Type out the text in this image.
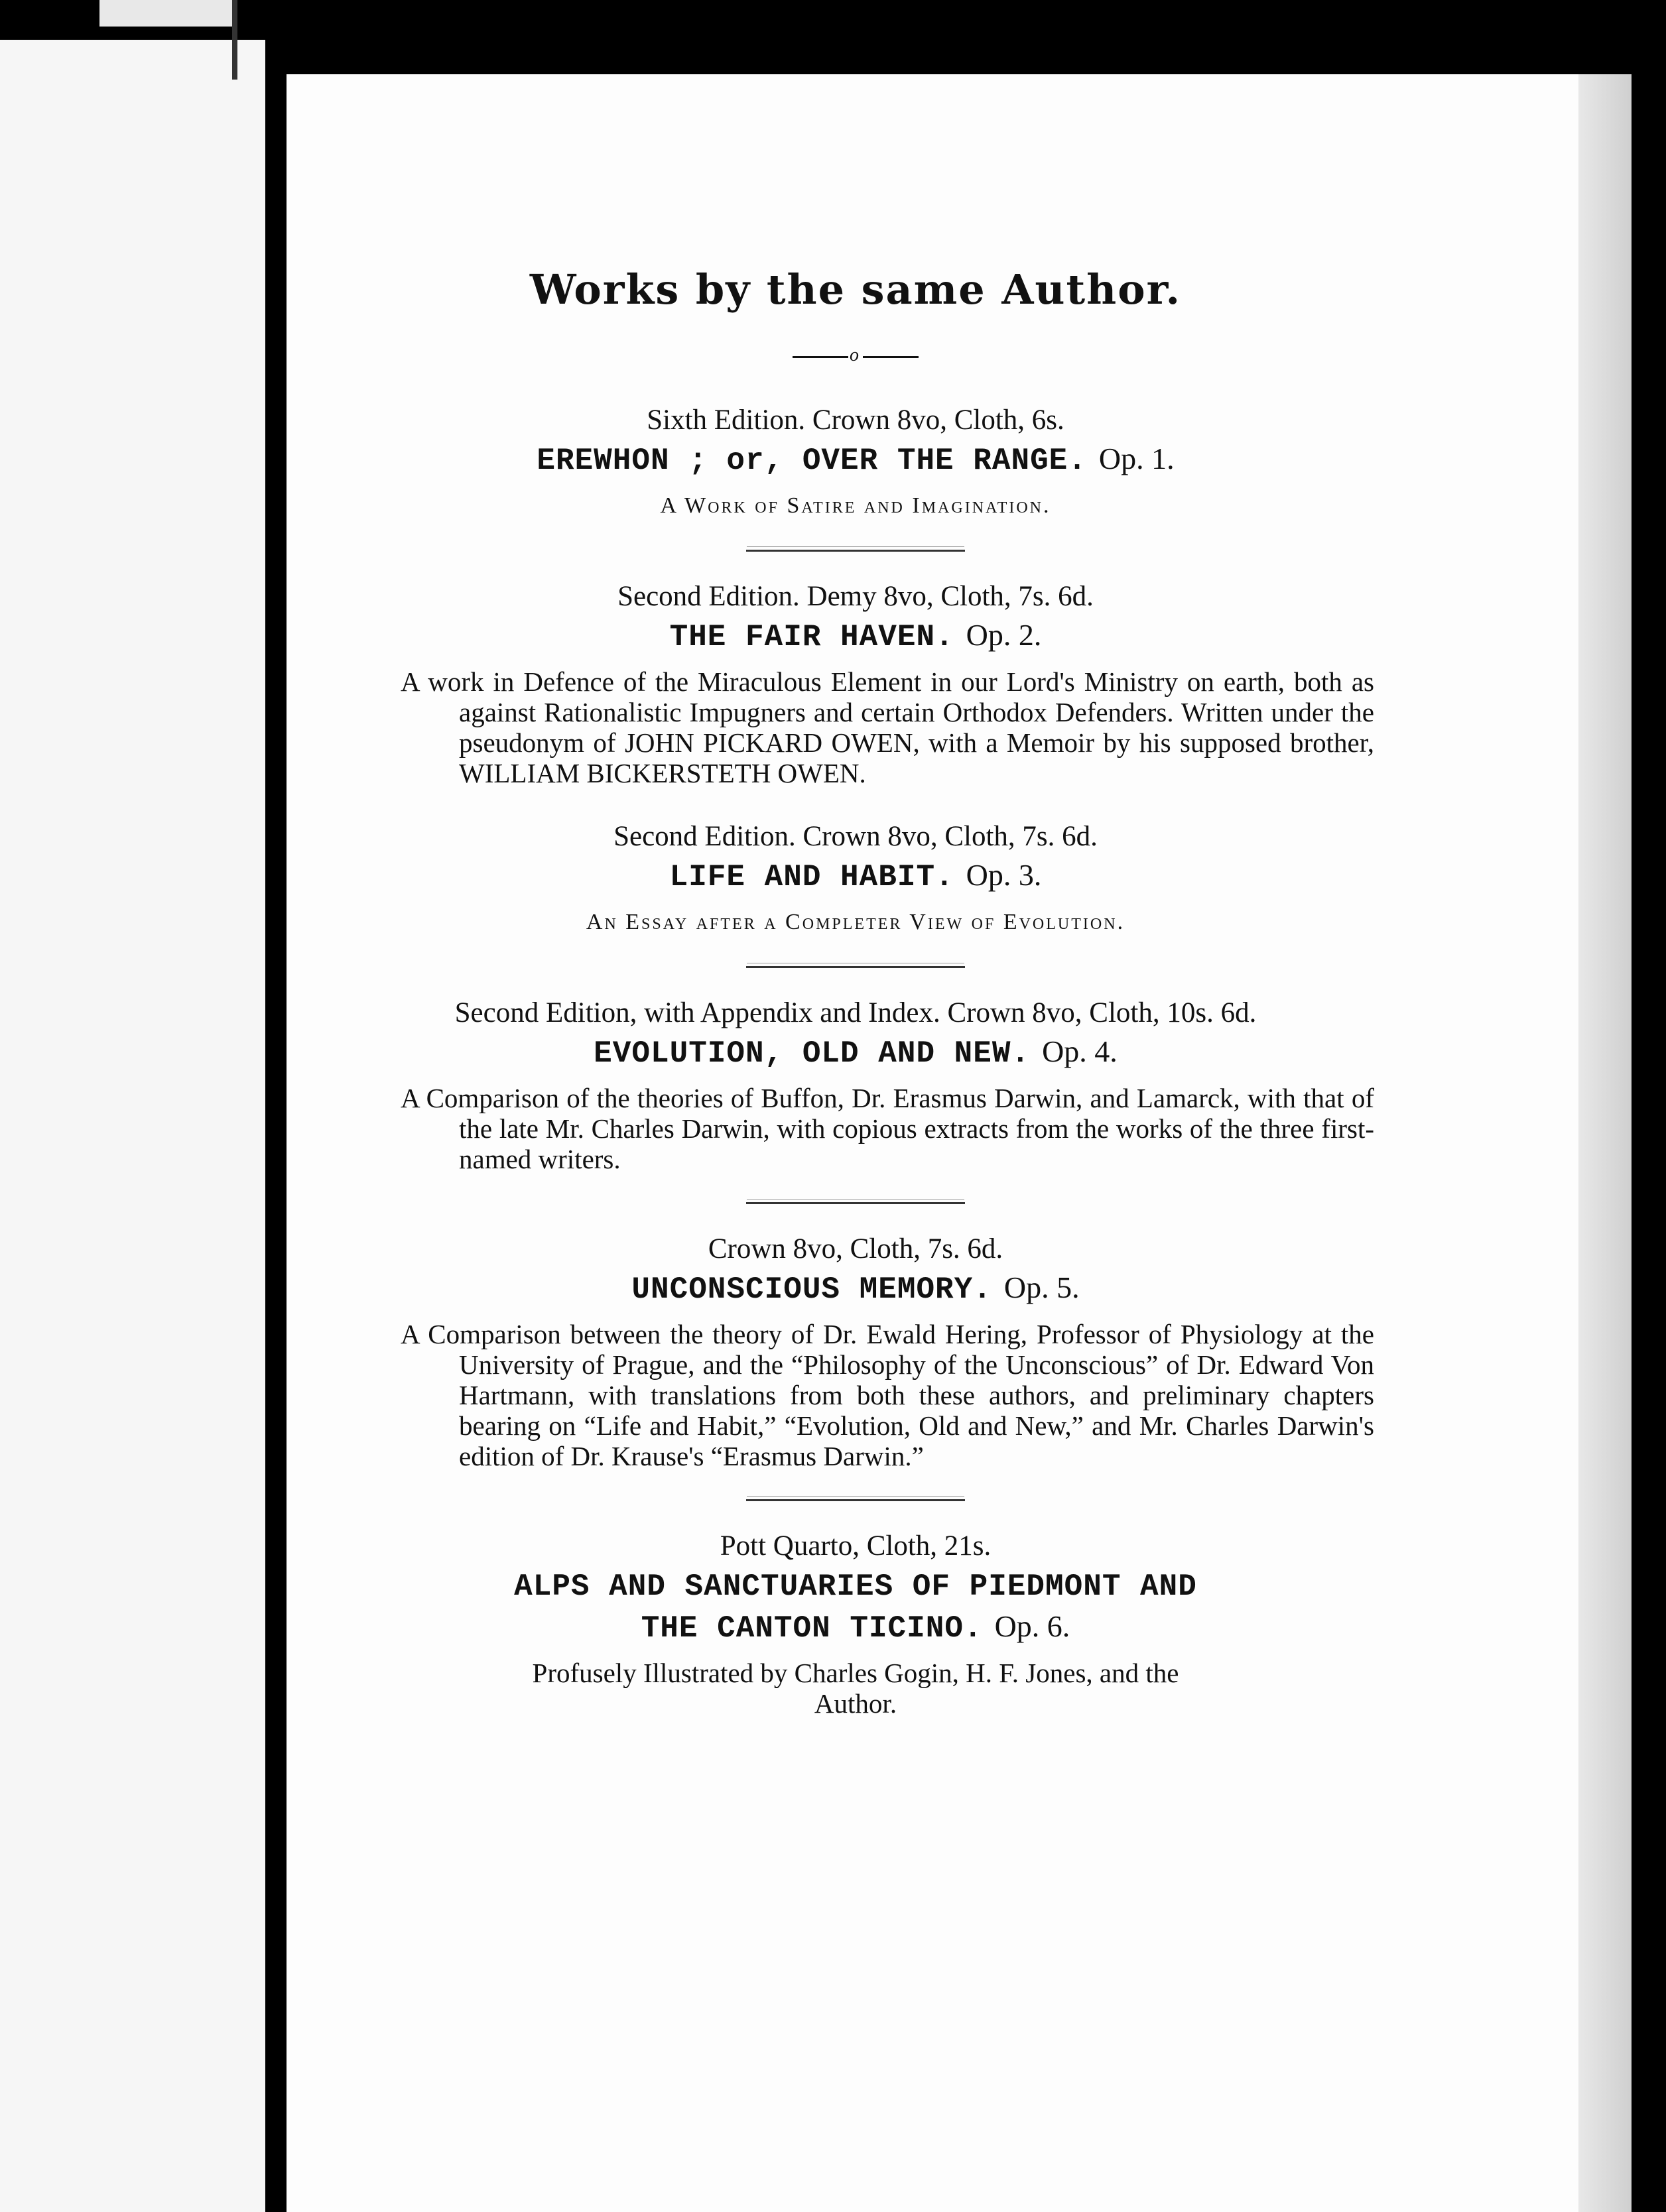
Works by the same Author.
o

Sixth Edition. Crown 8vo, Cloth, 6s.

EREWHON ; or, OVER THE RANGE. Op. 1.

A Work of Satire and Imagination.

Second Edition. Demy 8vo, Cloth, 7s. 6d.

THE FAIR HAVEN. Op. 2.

A work in Defence of the Miraculous Element in our Lord's Ministry on earth, both as against Rationalistic Impugners and certain Orthodox Defenders. Written under the pseudonym of JOHN PICKARD OWEN, with a Memoir by his supposed brother, WILLIAM BICKERSTETH OWEN.

Second Edition. Crown 8vo, Cloth, 7s. 6d.

LIFE AND HABIT. Op. 3.

An Essay after a Completer View of Evolution.

Second Edition, with Appendix and Index. Crown 8vo, Cloth, 10s. 6d.

EVOLUTION, OLD AND NEW. Op. 4.

A Comparison of the theories of Buffon, Dr. Erasmus Darwin, and Lamarck, with that of the late Mr. Charles Darwin, with copious extracts from the works of the three first-named writers.

Crown 8vo, Cloth, 7s. 6d.

UNCONSCIOUS MEMORY. Op. 5.

A Comparison between the theory of Dr. Ewald Hering, Professor of Physiology at the University of Prague, and the “Philosophy of the Unconscious” of Dr. Edward Von Hartmann, with translations from both these authors, and preliminary chapters bearing on “Life and Habit,” “Evolution, Old and New,” and Mr. Charles Darwin's edition of Dr. Krause's “Erasmus Darwin.”

Pott Quarto, Cloth, 21s.

ALPS AND SANCTUARIES OF PIEDMONT AND

THE CANTON TICINO. Op. 6.

Profusely Illustrated by Charles Gogin, H. F. Jones, and the Author.
